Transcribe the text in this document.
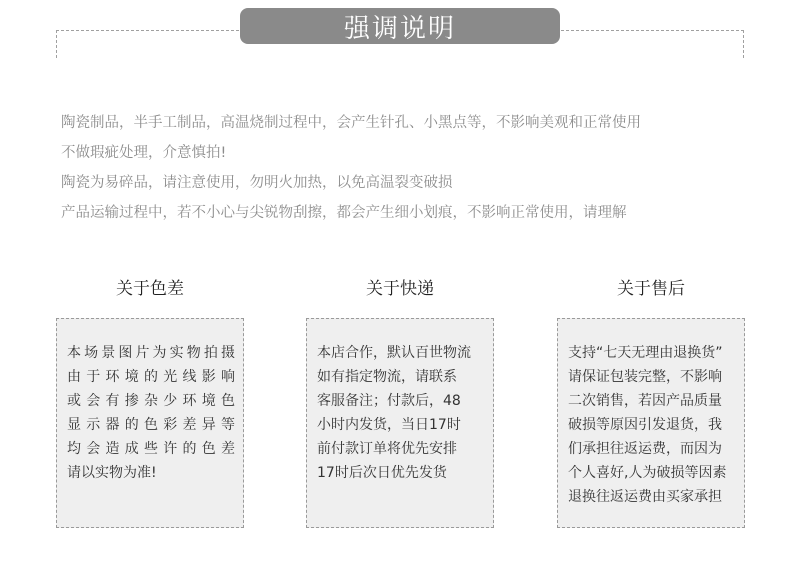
强调说明

陶瓷制品，半手工制品，高温烧制过程中，会产生针孔、小黑点等，不影响美观和正常使用

不做瑕疵处理，介意慎拍!

陶瓷为易碎品，请注意使用，勿明火加热，以免高温裂变破损

产品运输过程中，若不小心与尖锐物刮擦，都会产生细小划痕，不影响正常使用，请理解

关于色差

本场景图片为实物拍摄

由于环境的光线影响

或会有掺杂少环境色

显示器的色彩差异等

均会造成些许的色差

请以实物为准!

关于快递

本店合作，默认百世物流

如有指定物流，请联系

客服备注；付款后，48

小时内发货，当日17时

前付款订单将优先安排

17时后次日优先发货

关于售后

支持“七天无理由退换货”

请保证包装完整，不影响

二次销售，若因产品质量

破损等原因引发退货，我

们承担往返运费，而因为

个人喜好,人为破损等因素

退换往返运费由买家承担
